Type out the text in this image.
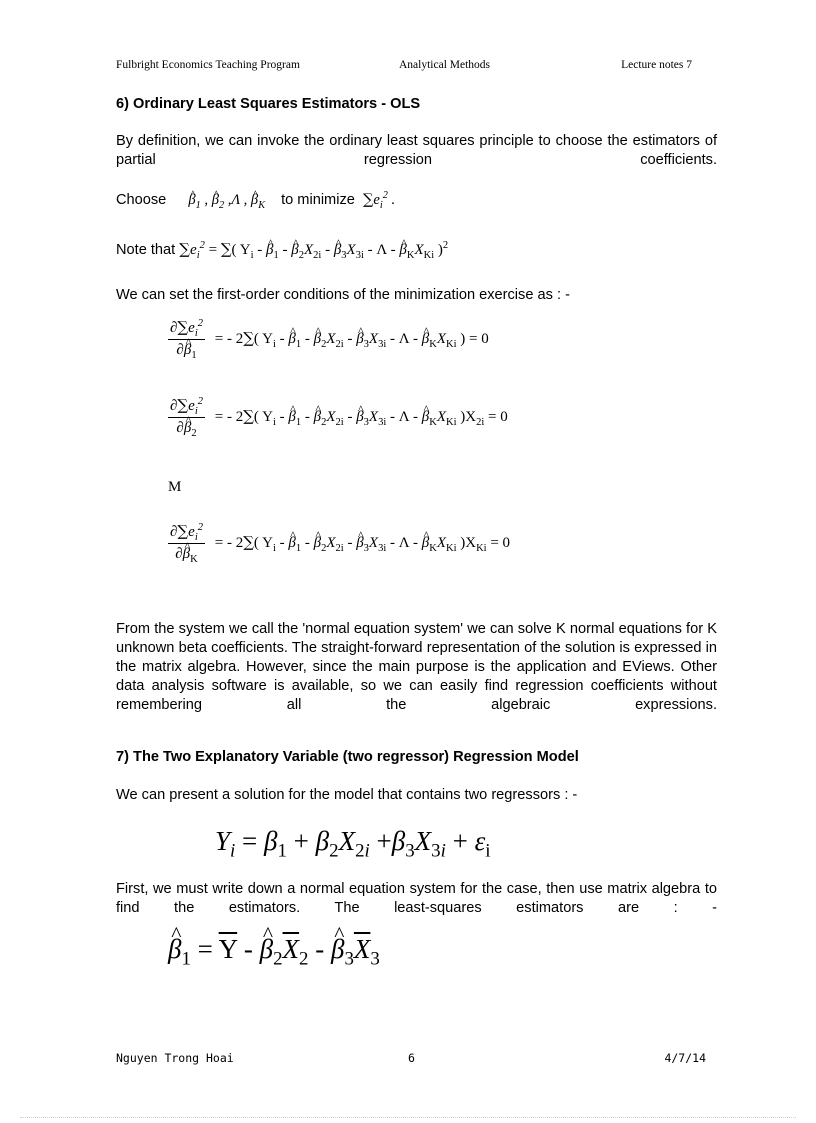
Fulbright Economics Teaching Program	Analytical Methods	Lecture notes 7
6) Ordinary Least Squares Estimators - OLS
By definition, we can invoke the ordinary least squares principle to choose the estimators of partial regression coefficients.
Choose ^ $\beta_1$ , ^ $\beta_2$ ,Λ , ^ $\beta_K$ to minimize $\sum e_i^2$ .
Note that $\sum e_i^2$ = ∑( $Y_i$ - ^ $\beta_1$ - ^ $\beta_2X_{2i}$ - ^ $\beta_3X_{3i}$ - Λ - ^ $\beta_KX_{Ki}$ )$^2$
We can set the first-order conditions of the minimization exercise as : -
$\frac{\partial\sum e_i^2}{\partial\^{} \beta_1}$ = - 2∑( $Y_i$ - ^ $\beta_1$ - ^ $\beta_2X_{2i}$ - ^ $\beta_3X_{3i}$ - Λ - ^ $\beta_KX_{Ki}$ ) = 0
$\frac{\partial\sum e_i^2}{\partial\^{} \beta_2}$ = - 2∑( $Y_i$ - ^ $\beta_1$ - ^ $\beta_2X_{2i}$ - ^ $\beta_3X_{3i}$ - Λ - ^ $\beta_KX_{Ki}$ )$X_{2i} = 0$
M
$\frac{\partial\sum e_i^2}{\partial\^{} \beta_K}$ = - 2∑( $Y_i$ - ^ $\beta_1$ - ^ $\beta_2X_{2i}$ - ^ $\beta_3X_{3i}$ - Λ - ^ $\beta_KX_{Ki}$ )$X_{Ki} = 0$
From the system we call the 'normal equation system' we can solve K normal equations for K unknown beta coefficients. The straight-forward representation of the solution is expressed in the matrix algebra. However, since the main purpose is the application and EViews. Other data analysis software is available, so we can easily find regression coefficients without remembering all the algebraic expressions.
7) The Two Explanatory Variable (two regressor) Regression Model
We can present a solution for the model that contains two regressors : -
$Y_i = \beta_1 + \beta_2X_{2i} +\beta_3X_{3i} + \varepsilon_i$
First, we must write down a normal equation system for the case, then use matrix algebra to find the estimators. The least-squares estimators are : -
^ $\beta_1 = \overline{Y}$ - ^ $\beta_2\overline{X}_2$ - ^ $\beta_3\overline{X}_3$
Nguyen Trong Hoai	6	4/7/14
